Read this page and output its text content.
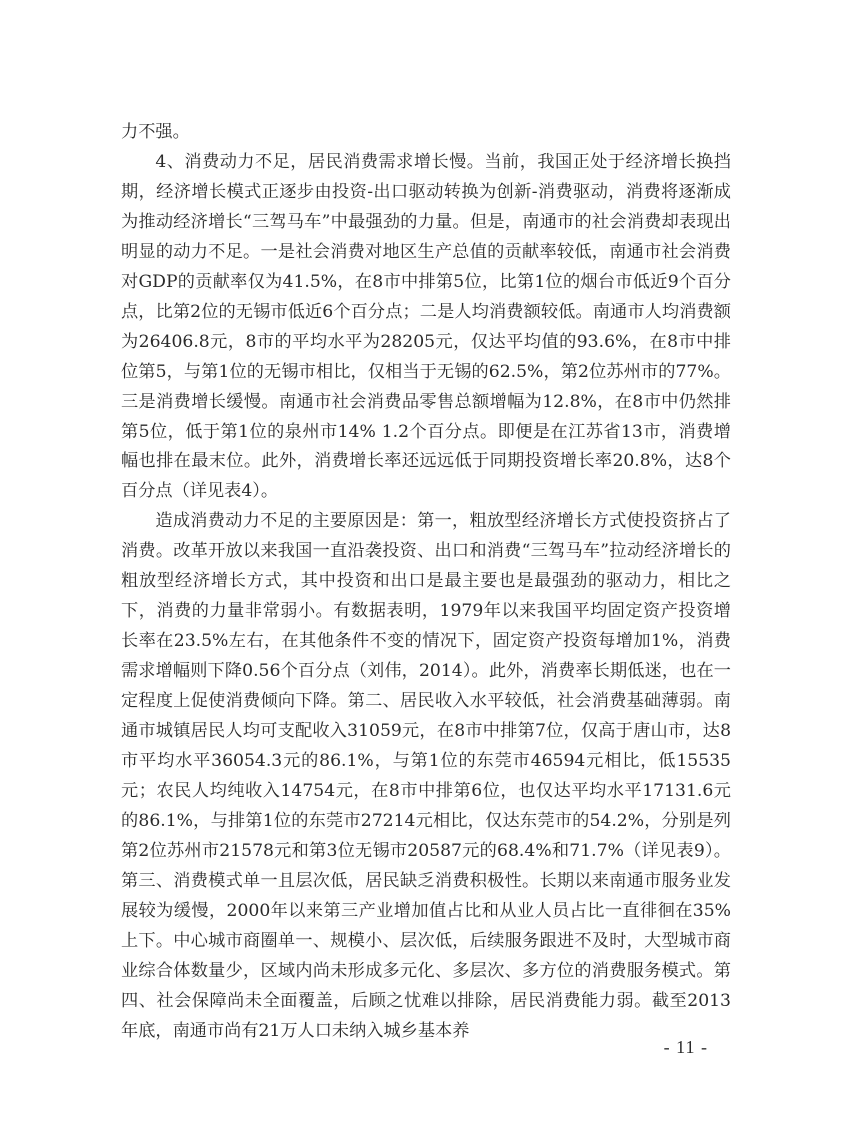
力不强。

4、消费动力不足，居民消费需求增长慢。当前，我国正处于经济增长换挡期，经济增长模式正逐步由投资-出口驱动转换为创新-消费驱动，消费将逐渐成为推动经济增长“三驾马车”中最强劲的力量。但是，南通市的社会消费却表现出明显的动力不足。一是社会消费对地区生产总值的贡献率较低，南通市社会消费对GDP的贡献率仅为41.5%，在8市中排第5位，比第1位的烟台市低近9个百分点，比第2位的无锡市低近6个百分点；二是人均消费额较低。南通市人均消费额为26406.8元，8市的平均水平为28205元，仅达平均值的93.6%，在8市中排位第5，与第1位的无锡市相比，仅相当于无锡的62.5%，第2位苏州市的77%。三是消费增长缓慢。南通市社会消费品零售总额增幅为12.8%，在8市中仍然排第5位，低于第1位的泉州市14% 1.2个百分点。即便是在江苏省13市，消费增幅也排在最末位。此外，消费增长率还远远低于同期投资增长率20.8%，达8个百分点（详见表4）。

造成消费动力不足的主要原因是：第一，粗放型经济增长方式使投资挤占了消费。改革开放以来我国一直沿袭投资、出口和消费“三驾马车”拉动经济增长的粗放型经济增长方式，其中投资和出口是最主要也是最强劲的驱动力，相比之下，消费的力量非常弱小。有数据表明，1979年以来我国平均固定资产投资增长率在23.5%左右，在其他条件不变的情况下，固定资产投资每增加1%，消费需求增幅则下降0.56个百分点（刘伟，2014）。此外，消费率长期低迷，也在一定程度上促使消费倾向下降。第二、居民收入水平较低，社会消费基础薄弱。南通市城镇居民人均可支配收入31059元，在8市中排第7位，仅高于唐山市，达8市平均水平36054.3元的86.1%，与第1位的东莞市46594元相比，低15535元；农民人均纯收入14754元，在8市中排第6位，也仅达平均水平17131.6元的86.1%，与排第1位的东莞市27214元相比，仅达东莞市的54.2%，分别是列第2位苏州市21578元和第3位无锡市20587元的68.4%和71.7%（详见表9）。第三、消费模式单一且层次低，居民缺乏消费积极性。长期以来南通市服务业发展较为缓慢，2000年以来第三产业增加值占比和从业人员占比一直徘徊在35%上下。中心城市商圈单一、规模小、层次低，后续服务跟进不及时，大型城市商业综合体数量少，区域内尚未形成多元化、多层次、多方位的消费服务模式。第四、社会保障尚未全面覆盖，后顾之忧难以排除，居民消费能力弱。截至2013年底，南通市尚有21万人口未纳入城乡基本养

- 11 -
